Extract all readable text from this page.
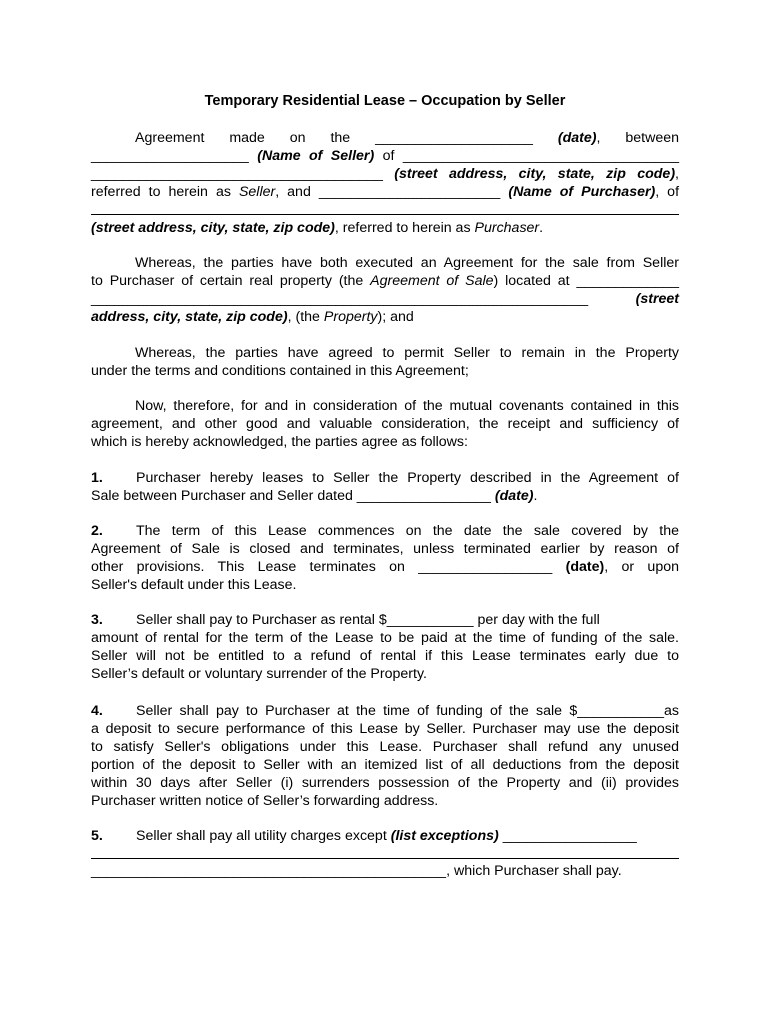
Temporary Residential Lease – Occupation by Seller
Agreement made on the ____________________ (date), between
____________________ (Name of Seller) of ___________________________________
_____________________________________ (street address, city, state, zip code),
referred to herein as Seller, and _______________________ (Name of Purchaser), of
(street address, city, state, zip code), referred to herein as Purchaser.
Whereas, the parties have both executed an Agreement for the sale from Seller
to Purchaser of certain real property (the Agreement of Sale) located at _____________
_______________________________________________________________	(street
address, city, state, zip code), (the Property); and
Whereas, the parties have agreed to permit Seller to remain in the Property
under the terms and conditions contained in this Agreement;
Now, therefore, for and in consideration of the mutual covenants contained in this
agreement, and other good and valuable consideration, the receipt and sufficiency of
which is hereby acknowledged, the parties agree as follows:
1. Purchaser hereby leases to Seller the Property described in the Agreement of
Sale between Purchaser and Seller dated _________________ (date).
2. The term of this Lease commences on the date the sale covered by the
Agreement of Sale is closed and terminates, unless terminated earlier by reason of
other provisions. This Lease terminates on _________________ (date), or upon
Seller's default under this Lease.
3. Seller shall pay to Purchaser as rental $___________ per day with the full
amount of rental for the term of the Lease to be paid at the time of funding of the sale.
Seller will not be entitled to a refund of rental if this Lease terminates early due to
Seller’s default or voluntary surrender of the Property.
4. Seller shall pay to Purchaser at the time of funding of the sale $___________as
a deposit to secure performance of this Lease by Seller. Purchaser may use the deposit
to satisfy Seller's obligations under this Lease. Purchaser shall refund any unused
portion of the deposit to Seller with an itemized list of all deductions from the deposit
within 30 days after Seller (i) surrenders possession of the Property and (ii) provides
Purchaser written notice of Seller’s forwarding address.
5. Seller shall pay all utility charges except (list exceptions) _________________
_____________________________________________, which Purchaser shall pay.
